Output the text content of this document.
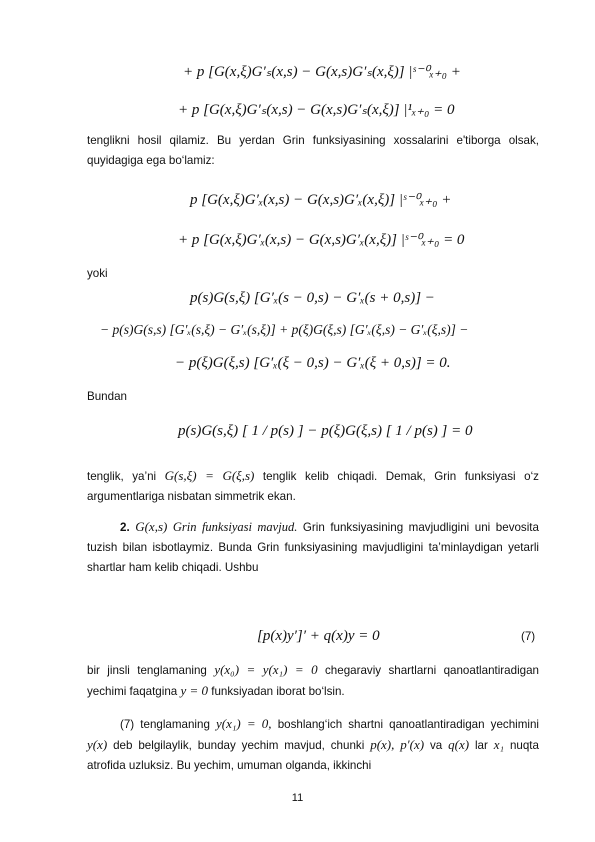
+ p [G(x,ξ)G′ₛ(x,s) − G(x,s)G′ₛ(x,ξ)] |ˢ⁻⁰ₓ₊₀ +
+ p [G(x,ξ)G′ₛ(x,s) − G(x,s)G′ₛ(x,ξ)] |¹ₓ₊₀ = 0

tenglikni hosil qilamiz. Bu yerdan Grin funksiyasining xossalarini e'tiborga olsak, quyidagiga ega bo‘lamiz:

p [G(x,ξ)G′ₓ(x,s) − G(x,s)G′ₓ(x,ξ)] |ˢ⁻⁰ₓ₊₀ +
+ p [G(x,ξ)G′ₓ(x,s) − G(x,s)G′ₓ(x,ξ)] |ˢ⁻⁰ₓ₊₀ = 0

yoki

p(s)G(s,ξ) [G′ₓ(s − 0,s) − G′ₓ(s + 0,s)] −
− p(s)G(s,s) [G′ₓ(s,ξ) − G′ₓ(s,ξ)] + p(ξ)G(ξ,s) [G′ₓ(ξ,s) − G′ₓ(ξ,s)] −
− p(ξ)G(ξ,s) [G′ₓ(ξ − 0,s) − G′ₓ(ξ + 0,s)] = 0.

Bundan

p(s)G(s,ξ) [ 1 / p(s) ] − p(ξ)G(ξ,s) [ 1 / p(s) ] = 0

tenglik, ya’ni G(s,ξ) = G(ξ,s) tenglik kelib chiqadi. Demak, Grin funksiyasi o‘z argumentlariga nisbatan simmetrik ekan.

2. G(x,s) Grin funksiyasi mavjud. Grin funksiyasining mavjudligini uni bevosita tuzish bilan isbotlaymiz. Bunda Grin funksiyasining mavjudligini ta’minlaydigan yetarli shartlar ham kelib chiqadi. Ushbu

[p(x)y′]′ + q(x)y = 0	(7)

bir jinsli tenglamaning y(x₀) = y(x₁) = 0 chegaraviy shartlarni qanoatlantiradigan yechimi faqatgina y = 0 funksiyadan iborat bo‘lsin.

(7) tenglamaning y(x₁) = 0, boshlang‘ich shartni qanoatlantiradigan yechimini y(x) deb belgilaylik, bunday yechim mavjud, chunki p(x), p′(x) va q(x) lar x₁ nuqta atrofida uzluksiz. Bu yechim, umuman olganda, ikkinchi

11
